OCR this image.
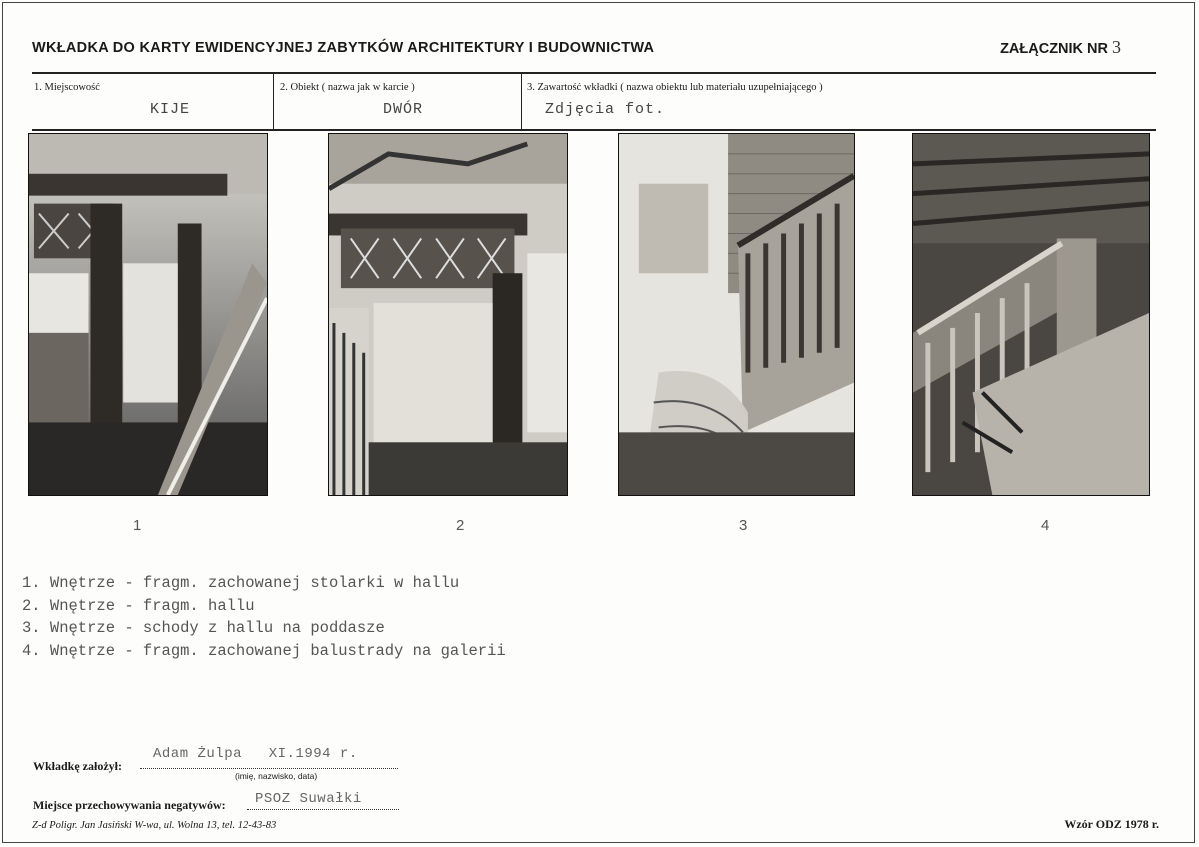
WKŁADKA DO KARTY EWIDENCYJNEJ ZABYTKÓW ARCHITEKTURY I BUDOWNICTWA	ZAŁĄCZNIK NR 3
1. Miejscowość
KIJE
2. Obiekt ( nazwa jak w karcie )
DWÓR
3. Zawartość wkładki ( nazwa obiektu lub materiału uzupełniającego )
Zdjęcia fot.
1	2	3	4
1. Wnętrze - fragm. zachowanej stolarki w hallu
2. Wnętrze - fragm. hallu
3. Wnętrze - schody z hallu na poddasze
4. Wnętrze - fragm. zachowanej balustrady na galerii
Wkładkę założył:
Adam Żulpa   XI.1994 r.
(imię, nazwisko, data)
Miejsce przechowywania negatywów: PSOZ Suwałki
Z-d Poligr. Jan Jasiński W-wa, ul. Wolna 13, tel. 12-43-83	Wzór ODZ 1978 r.
